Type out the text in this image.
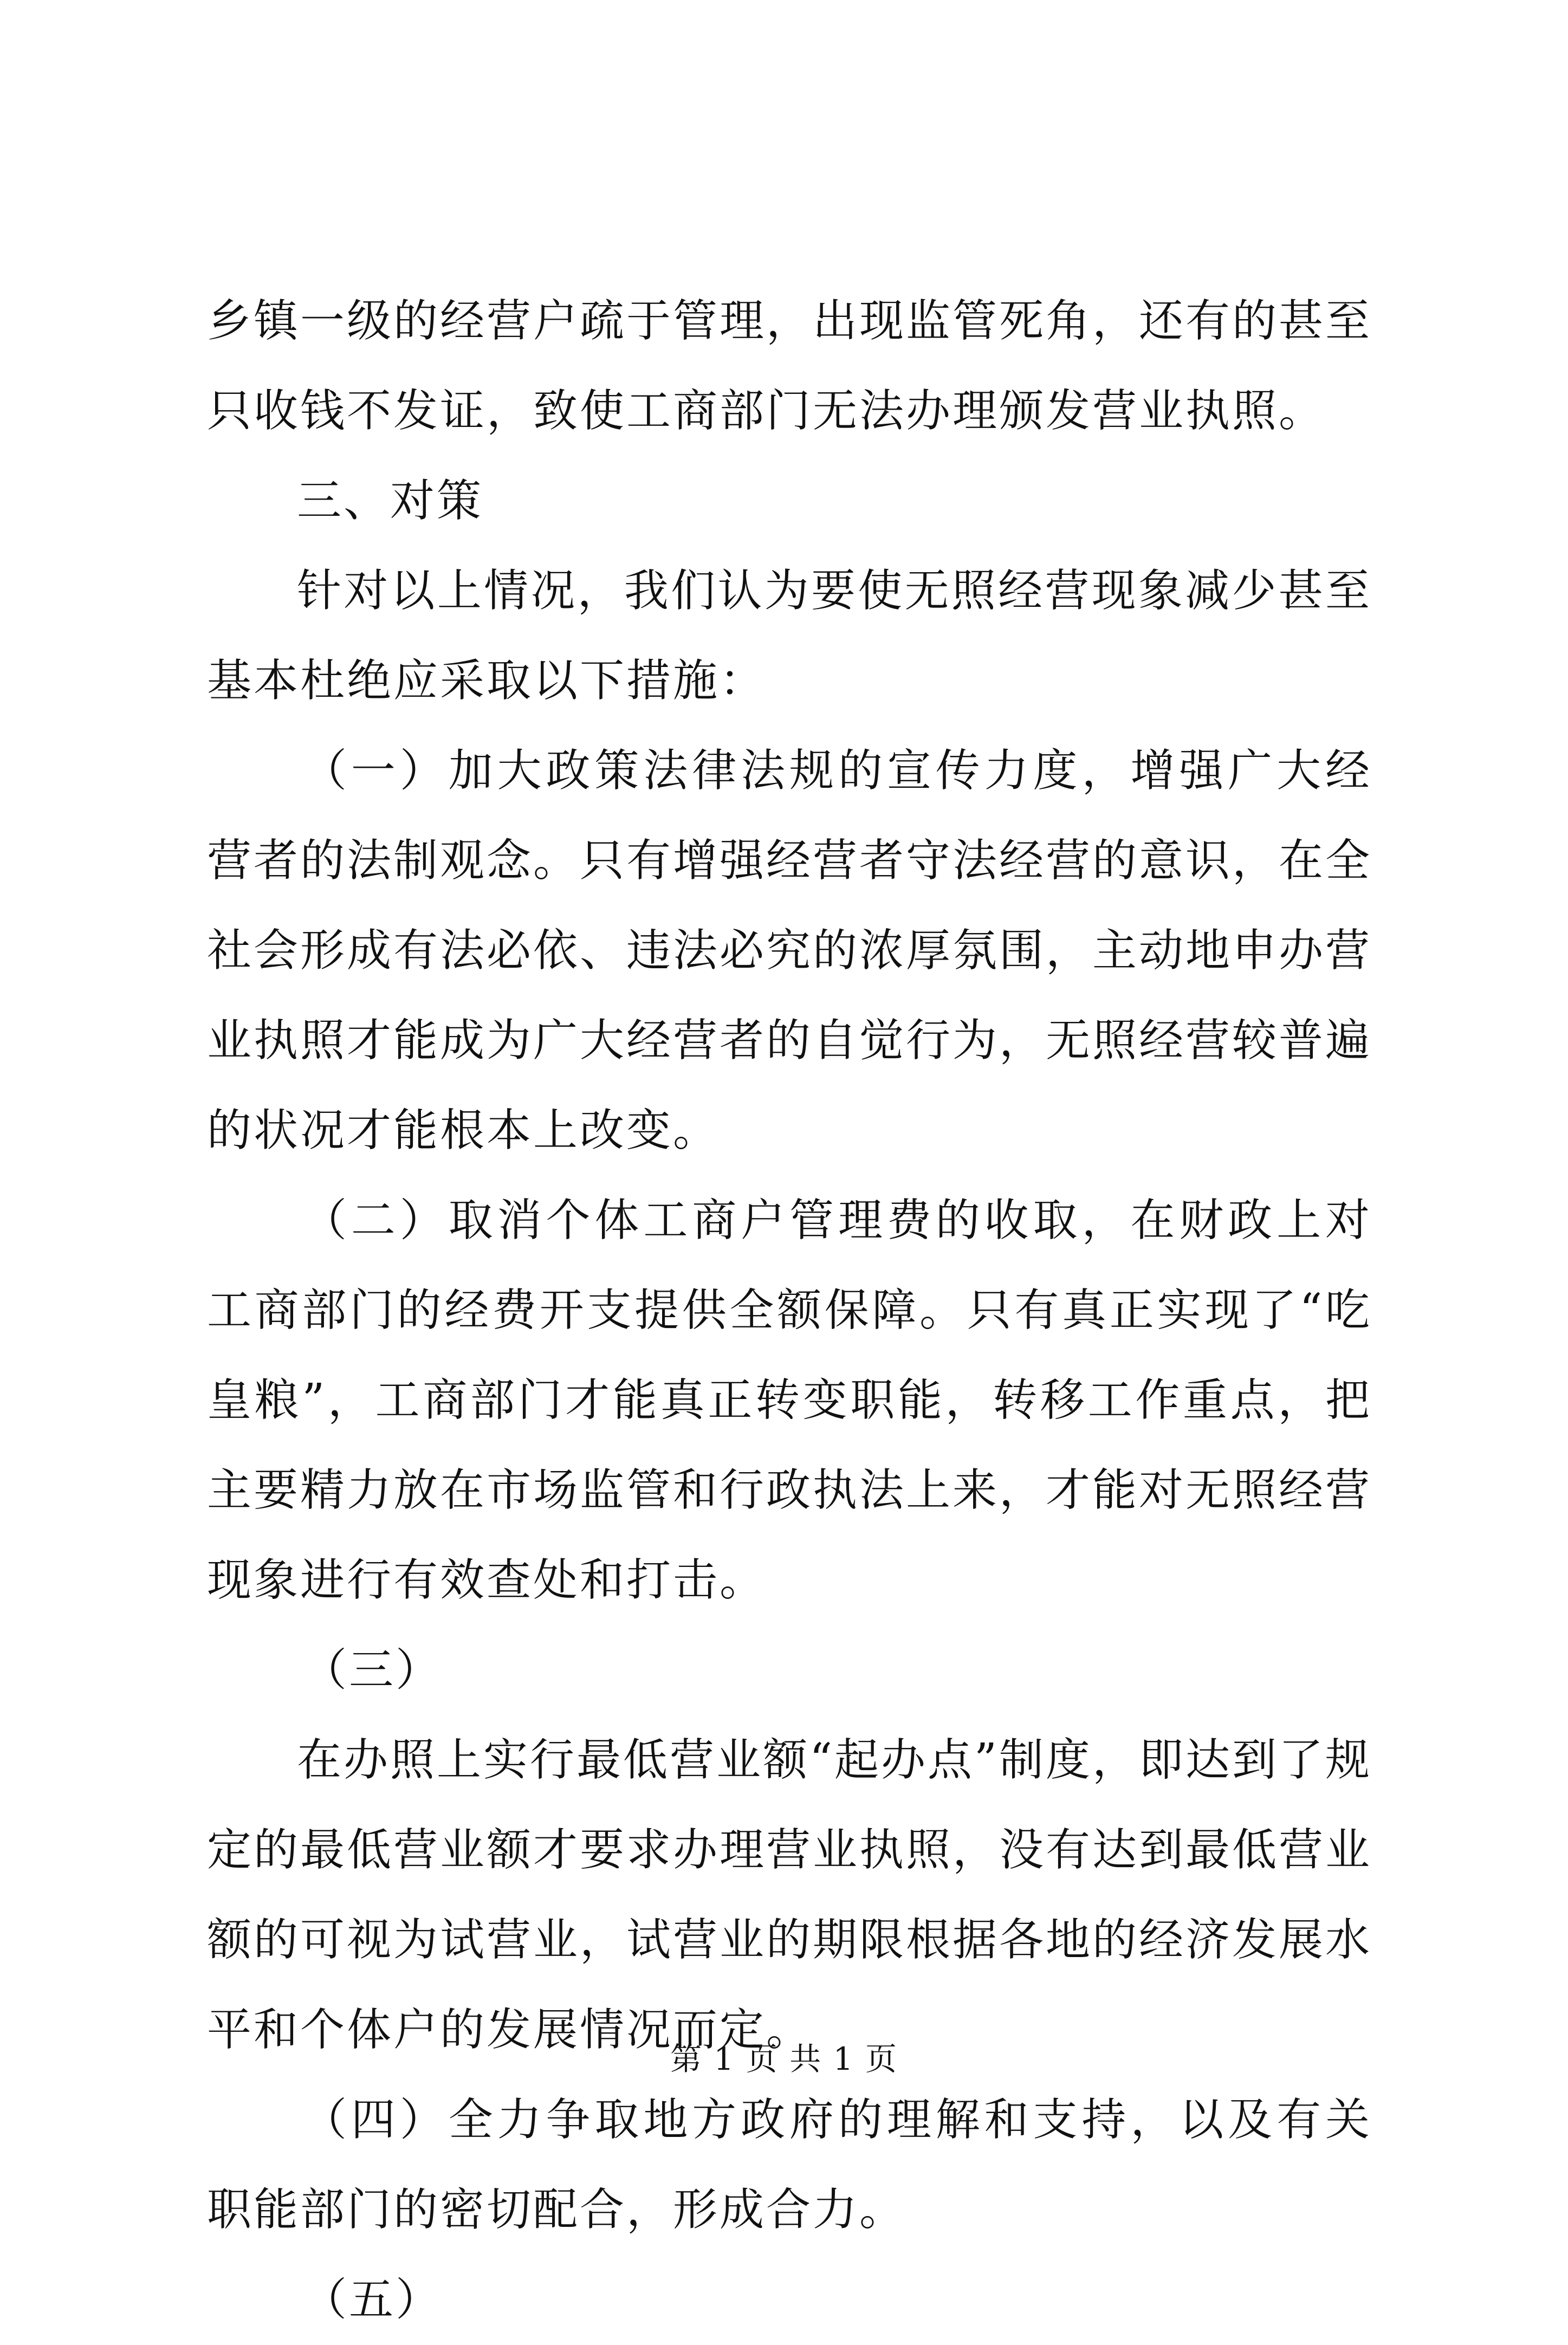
乡镇一级的经营户疏于管理，出现监管死角，还有的甚至只收钱不发证，致使工商部门无法办理颁发营业执照。

三、对策

针对以上情况，我们认为要使无照经营现象减少甚至基本杜绝应采取以下措施：

（一）加大政策法律法规的宣传力度，增强广大经营者的法制观念。只有增强经营者守法经营的意识，在全社会形成有法必依、违法必究的浓厚氛围，主动地申办营业执照才能成为广大经营者的自觉行为，无照经营较普遍的状况才能根本上改变。

（二）取消个体工商户管理费的收取，在财政上对工商部门的经费开支提供全额保障。只有真正实现了“吃皇粮”，工商部门才能真正转变职能，转移工作重点，把主要精力放在市场监管和行政执法上来，才能对无照经营现象进行有效查处和打击。

（三）

在办照上实行最低营业额“起办点”制度，即达到了规定的最低营业额才要求办理营业执照，没有达到最低营业额的可视为试营业，试营业的期限根据各地的经济发展水平和个体户的发展情况而定。

（四）全力争取地方政府的理解和支持，以及有关职能部门的密切配合，形成合力。

（五）

第 1 页 共 1 页
